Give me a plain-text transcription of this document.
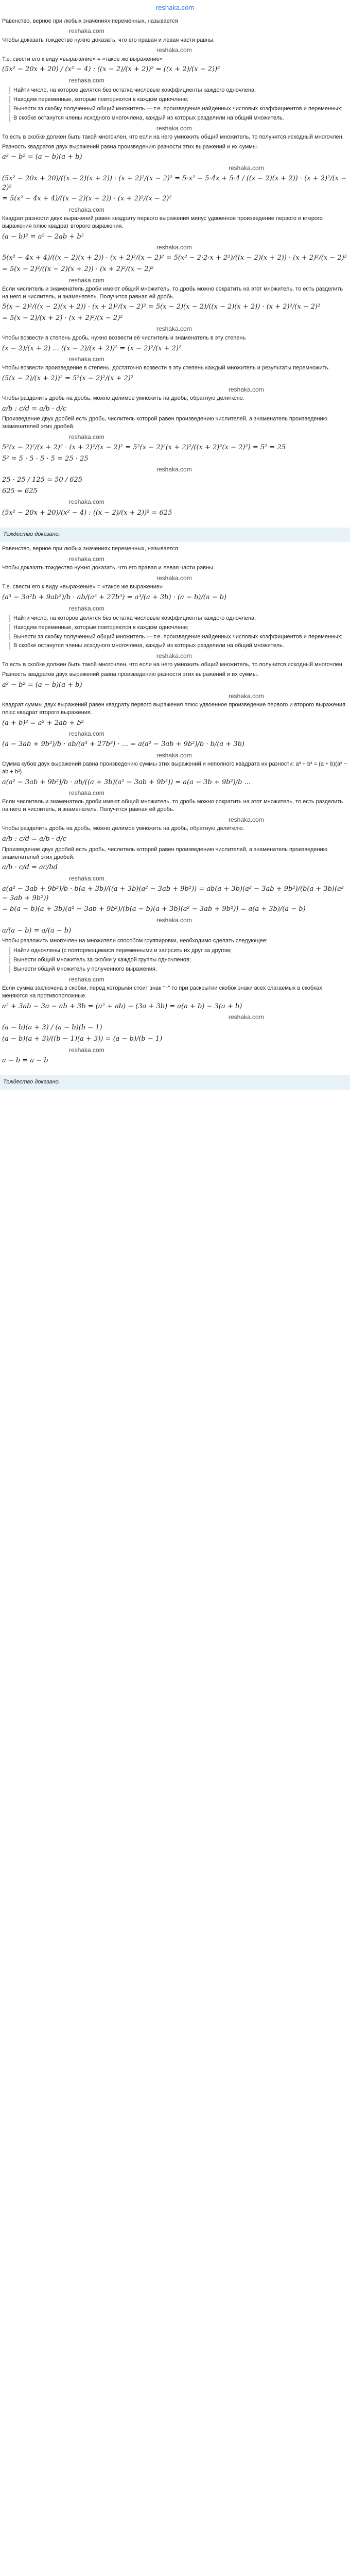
reshaka.com

Равенство, верное при любых значениях переменных, называется

reshaka.com

Чтобы доказать тождество нужно доказать, что его правая и левая части равны.

reshaka.com

Т.е. свести его к виду «выражение» = «такое же выражение»

(5x² − 20x + 20) / (x² − 4) : ((x − 2)/(x + 2))² = ((x + 2)/(x − 2))²
reshaka.com
Найти число, на которое делятся без остатка числовые коэффициенты каждого одночлена;
Находим переменные, которые повторяются в каждом одночлене;
Вынести за скобку полученный общий множитель — т.е. произведение найденных числовых коэффициентов и переменных;
В скобке останутся члены исходного многочлена, каждый из которых разделили на общий множитель.
reshaka.com

То есть в скобке должен быть такой многочлен, что если на него умножить общий множитель, то получится исходный многочлен.

Разность квадратов двух выражений равна произведению разности этих выражений и их суммы.

a² − b² = (a − b)(a + b)
reshaka.com
(5x² − 20x + 20)/((x − 2)(x + 2)) · (x + 2)²/(x − 2)² = 5·x² − 5·4x + 5·4 / ((x − 2)(x + 2)) · (x + 2)²/(x − 2)²
= 5(x² − 4x + 4)/((x − 2)(x + 2)) · (x + 2)²/(x − 2)²
reshaka.com

Квадрат разности двух выражений равен квадрату первого выражения минус удвоенное произведение первого и второго выражения плюс квадрат второго выражения.

(a − b)² = a² − 2ab + b²
reshaka.com
5(x² − 4x + 4)/((x − 2)(x + 2)) · (x + 2)²/(x − 2)² = 5(x² − 2·2·x + 2²)/((x − 2)(x + 2)) · (x + 2)²/(x − 2)²
= 5(x − 2)²/((x − 2)(x + 2)) · (x + 2)²/(x − 2)²
reshaka.com

Если числитель и знаменатель дроби имеют общий множитель, то дробь можно сократить на этот множитель, то есть разделить на него и числитель, и знаменатель. Получится равная ей дробь.

5(x − 2)²/((x − 2)(x + 2)) · (x + 2)²/(x − 2)² = 5(x − 2)(x − 2)/((x − 2)(x + 2)) · (x + 2)²/(x − 2)²
= 5(x − 2)/(x + 2) · (x + 2)²/(x − 2)²
reshaka.com

Чтобы возвести в степень дробь, нужно возвести её числитель и знаменатель в эту степень

(x − 2)/(x + 2) ... ((x − 2)/(x + 2))² = (x − 2)²/(x + 2)²
reshaka.com

Чтобы возвести произведение в степень, достаточно возвести в эту степень каждый множитель и результаты перемножить.

(5(x − 2)/(x + 2))² = 5²(x − 2)²/(x + 2)²
reshaka.com

Чтобы разделить дробь на дробь, можно делимое умножить на дробь, обратную делителю.

a/b : c/d = a/b · d/c

Произведение двух дробей есть дробь, числитель которой равен произведению числителей, а знаменатель произведению знаменателей этих дробей.

reshaka.com
5²(x − 2)²/(x + 2)² · (x + 2)²/(x − 2)² = 5²(x − 2)²(x + 2)²/((x + 2)²(x − 2)²) = 5² = 25
5² = 5 · 5 · 5 · 5 = 25 · 25
reshaka.com
25 · 25 / 125 = 50 / 625
625 = 625
reshaka.com
(5x² − 20x + 20)/(x² − 4) : ((x − 2)/(x + 2))² = 625
Тождество доказано.

Равенство, верное при любых значениях переменных, называется

reshaka.com

Чтобы доказать тождество нужно доказать, что его правая и левая части равны.

reshaka.com

Т.е. свести его к виду «выражение» = «такое же выражение»

(a³ − 3a²b + 9ab²)/b · ab/(a³ + 27b³) = a³/(a + 3b) · (a − b)/(a − b)
reshaka.com
Найти число, на которое делятся без остатка числовые коэффициенты каждого одночлена;
Находим переменные, которые повторяются в каждом одночлене;
Вынести за скобку полученный общий множитель — т.е. произведение найденных числовых коэффициентов и переменных;
В скобке останутся члены исходного многочлена, каждый из которых разделили на общий множитель.
reshaka.com

То есть в скобке должен быть такой многочлен, что если на него умножить общий множитель, то получится исходный многочлен.

Разность квадратов двух выражений равна произведению разности этих выражений и их суммы.

a² − b² = (a − b)(a + b)
reshaka.com

Квадрат суммы двух выражений равен квадрату первого выражения плюс удвоенное произведение первого и второго выражения плюс квадрат второго выражения.

(a + b)² = a² + 2ab + b²
reshaka.com
(a − 3ab + 9b²)/b · ab/(a³ + 27b³) · ... = a(a² − 3ab + 9b²)/b · b/(a + 3b)
reshaka.com

Сумма кубов двух выражений равна произведению суммы этих выражений и неполного квадрата их разности: a³ + b³ = (a + b)(a² − ab + b²)

a(a² − 3ab + 9b²)/b · ab/((a + 3b)(a² − 3ab + 9b²)) = a(a − 3b + 9b²)/b ...
reshaka.com

Если числитель и знаменатель дроби имеют общий множитель, то дробь можно сократить на этот множитель, то есть разделить на него и числитель, и знаменатель. Получится равная ей дробь.

reshaka.com

Чтобы разделить дробь на дробь, можно делимое умножить на дробь, обратную делителю.

a/b : c/d = a/b · d/c

Произведение двух дробей есть дробь, числитель которой равен произведению числителей, а знаменатель произведению знаменателей этих дробей.

a/b · c/d = ac/bd
reshaka.com
a(a² − 3ab + 9b²)/b · b(a + 3b)/((a + 3b)(a² − 3ab + 9b²)) = ab(a + 3b)(a² − 3ab + 9b²)/(b(a + 3b)(a² − 3ab + 9b²))
= b(a − b)(a + 3b)(a² − 3ab + 9b²)/(b(a − b)(a + 3b)(a² − 3ab + 9b²)) = a(a + 3b)/(a − b)
reshaka.com
a/(a − b) = a/(a − b)

Чтобы разложить многочлен на множители способом группировки, необходимо сделать следующее:

Найти одночлены (с повторяющимися переменными и запрсить их друг за другом;
Вынести общий множитель за скобки у каждой группы одночленов;
Вынести общий множитель у полученного выражения.
reshaka.com

Если сумма заключена в скобки, перед которыми стоит знак "−" то при раскрытии скобок знаки всех слагаемых в скобках меняются на противоположные.

a² + 3ab − 3a − ab + 3b = (a² + ab) − (3a + 3b) = a(a + b) − 3(a + b)
reshaka.com
(a − b)(a + 3) / (a − b)(b − 1)
(a − b)(a + 3)/((b − 1)(a + 3)) = (a − b)/(b − 1)
reshaka.com
a − b = a − b
Тождество доказано.
